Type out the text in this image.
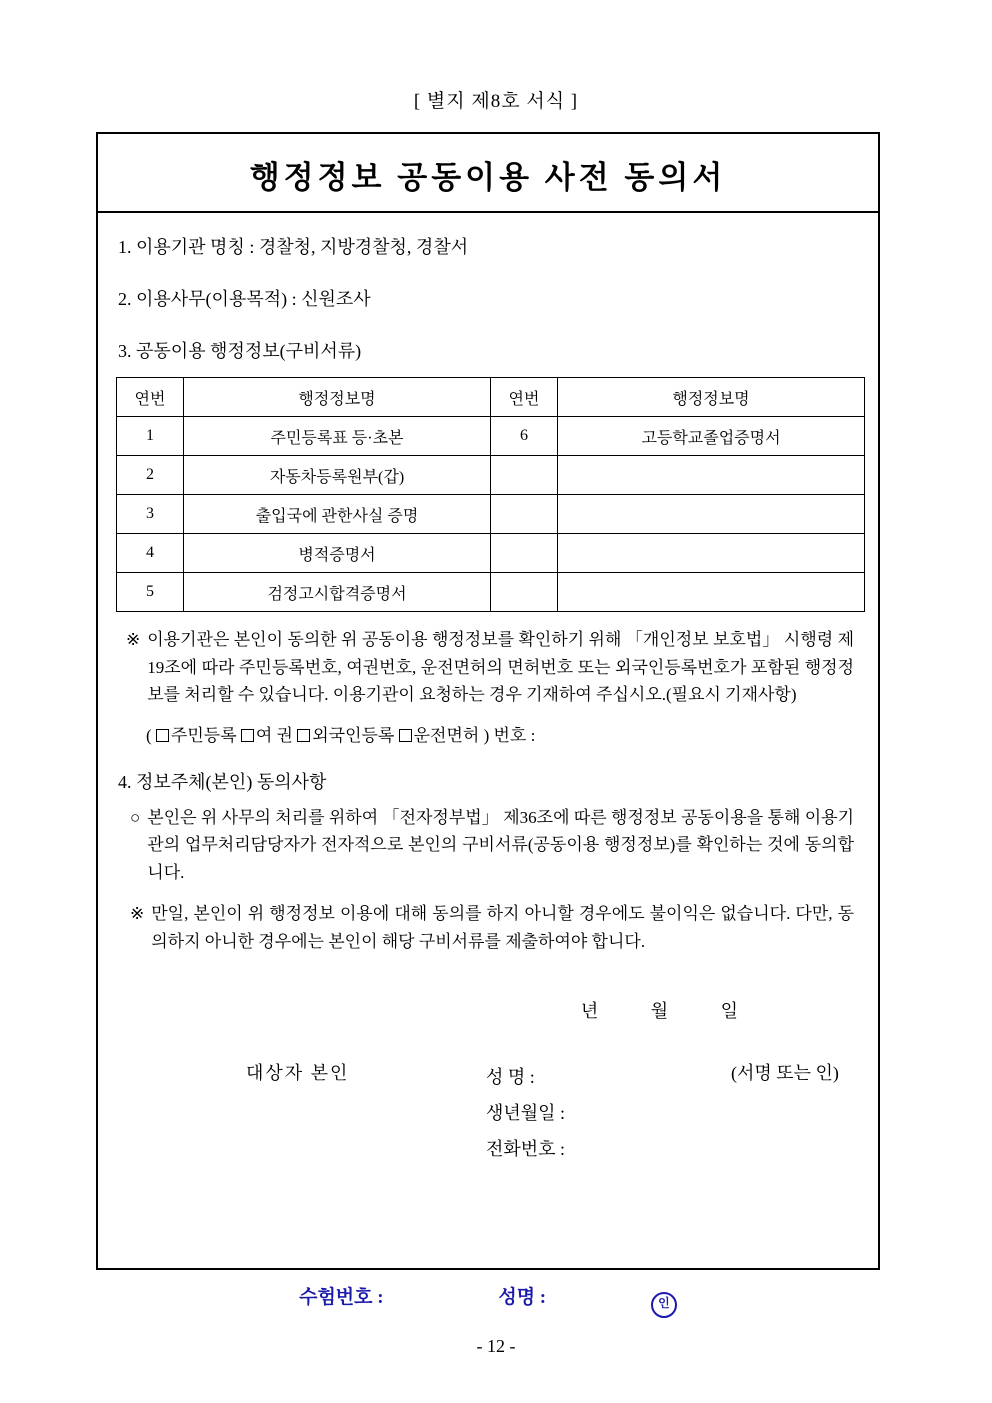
[ 별지 제8호 서식 ]
행정정보 공동이용 사전 동의서
1. 이용기관 명칭 : 경찰청, 지방경찰청, 경찰서
2. 이용사무(이용목적) : 신원조사
3. 공동이용 행정정보(구비서류)
연번	행정정보명	연번	행정정보명
1	주민등록표 등·초본	6	고등학교졸업증명서
2	자동차등록원부(갑)		
3	출입국에 관한사실 증명		
4	병적증명서		
5	검정고시합격증명서		
※ 이용기관은 본인이 동의한 위 공동이용 행정정보를 확인하기 위해 「개인정보 보호법」 시행령 제19조에 따라 주민등록번호, 여권번호, 운전면허의 면허번호 또는 외국인등록번호가 포함된 행정정보를 처리할 수 있습니다. 이용기관이 요청하는 경우 기재하여 주십시오.(필요시 기재사항)
( 주민등록 여 권 외국인등록 운전면허 ) 번호 :
4. 정보주체(본인) 동의사항
○ 본인은 위 사무의 처리를 위하여 「전자정부법」 제36조에 따른 행정정보 공동이용을 통해 이용기관의 업무처리담당자가 전자적으로 본인의 구비서류(공동이용 행정정보)를 확인하는 것에 동의합니다.
※ 만일, 본인이 위 행정정보 이용에 대해 동의를 하지 아니할 경우에도 불이익은 없습니다. 다만, 동의하지 아니한 경우에는 본인이 해당 구비서류를 제출하여야 합니다.
년	월	일
대상자 본인	성 명 :
생년월일 :
전화번호 :
(서명 또는 인)
수험번호 :	성명 :	인
- 12 -
